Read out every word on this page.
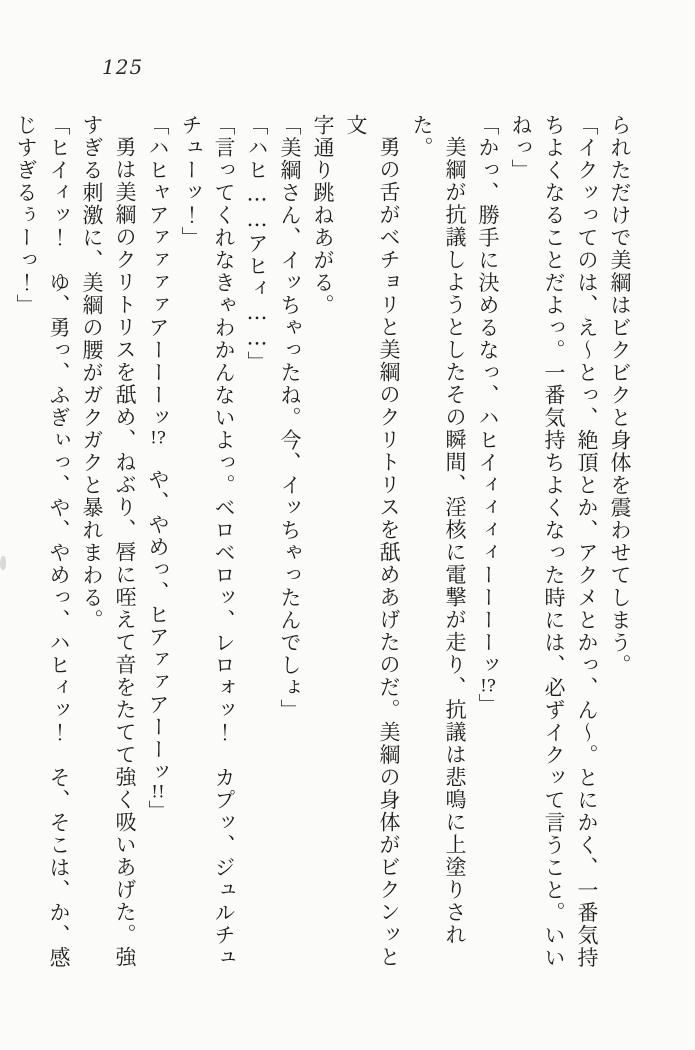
125
られただけで美綱はビクビクと身体を震わせてしまう。
「イクッってのは、え〜とっ、絶頂とか、アクメとかっ、ん〜。とにかく、一番気持
ちよくなることだよっ。一番気持ちよくなった時には、必ずイクッて言うこと。いい
ねっ」
「かっ、勝手に決めるなっ、ハヒイィィィィーーーーッ!?」
美綱が抗議しようとしたその瞬間、淫核に電撃が走り、抗議は悲鳴に上塗りされた。
勇の舌がベチョリと美綱のクリトリスを舐めあげたのだ。美綱の身体がビクンッと文
字通り跳ねあがる。
「美綱さん、イッちゃったね。今、イッちゃったんでしょ」
「ハヒ……アヒィ……」
「言ってくれなきゃわかんないよっ。ベロベロッ、レロォッ！　カプッ、ジュルチュ
チューッ！」
「ハヒャアァァァァアーーーッ!?　や、やめっ、ヒアァァアーーッ!!」
勇は美綱のクリトリスを舐め、ねぶり、唇に咥えて音をたてて強く吸いあげた。強
すぎる刺激に、美綱の腰がガクガクと暴れまわる。
「ヒイィッ！　ゆ、勇っ、ふぎぃっ、や、やめっ、ハヒィッ！　そ、そこは、か、感
じすぎるぅーっ！」
